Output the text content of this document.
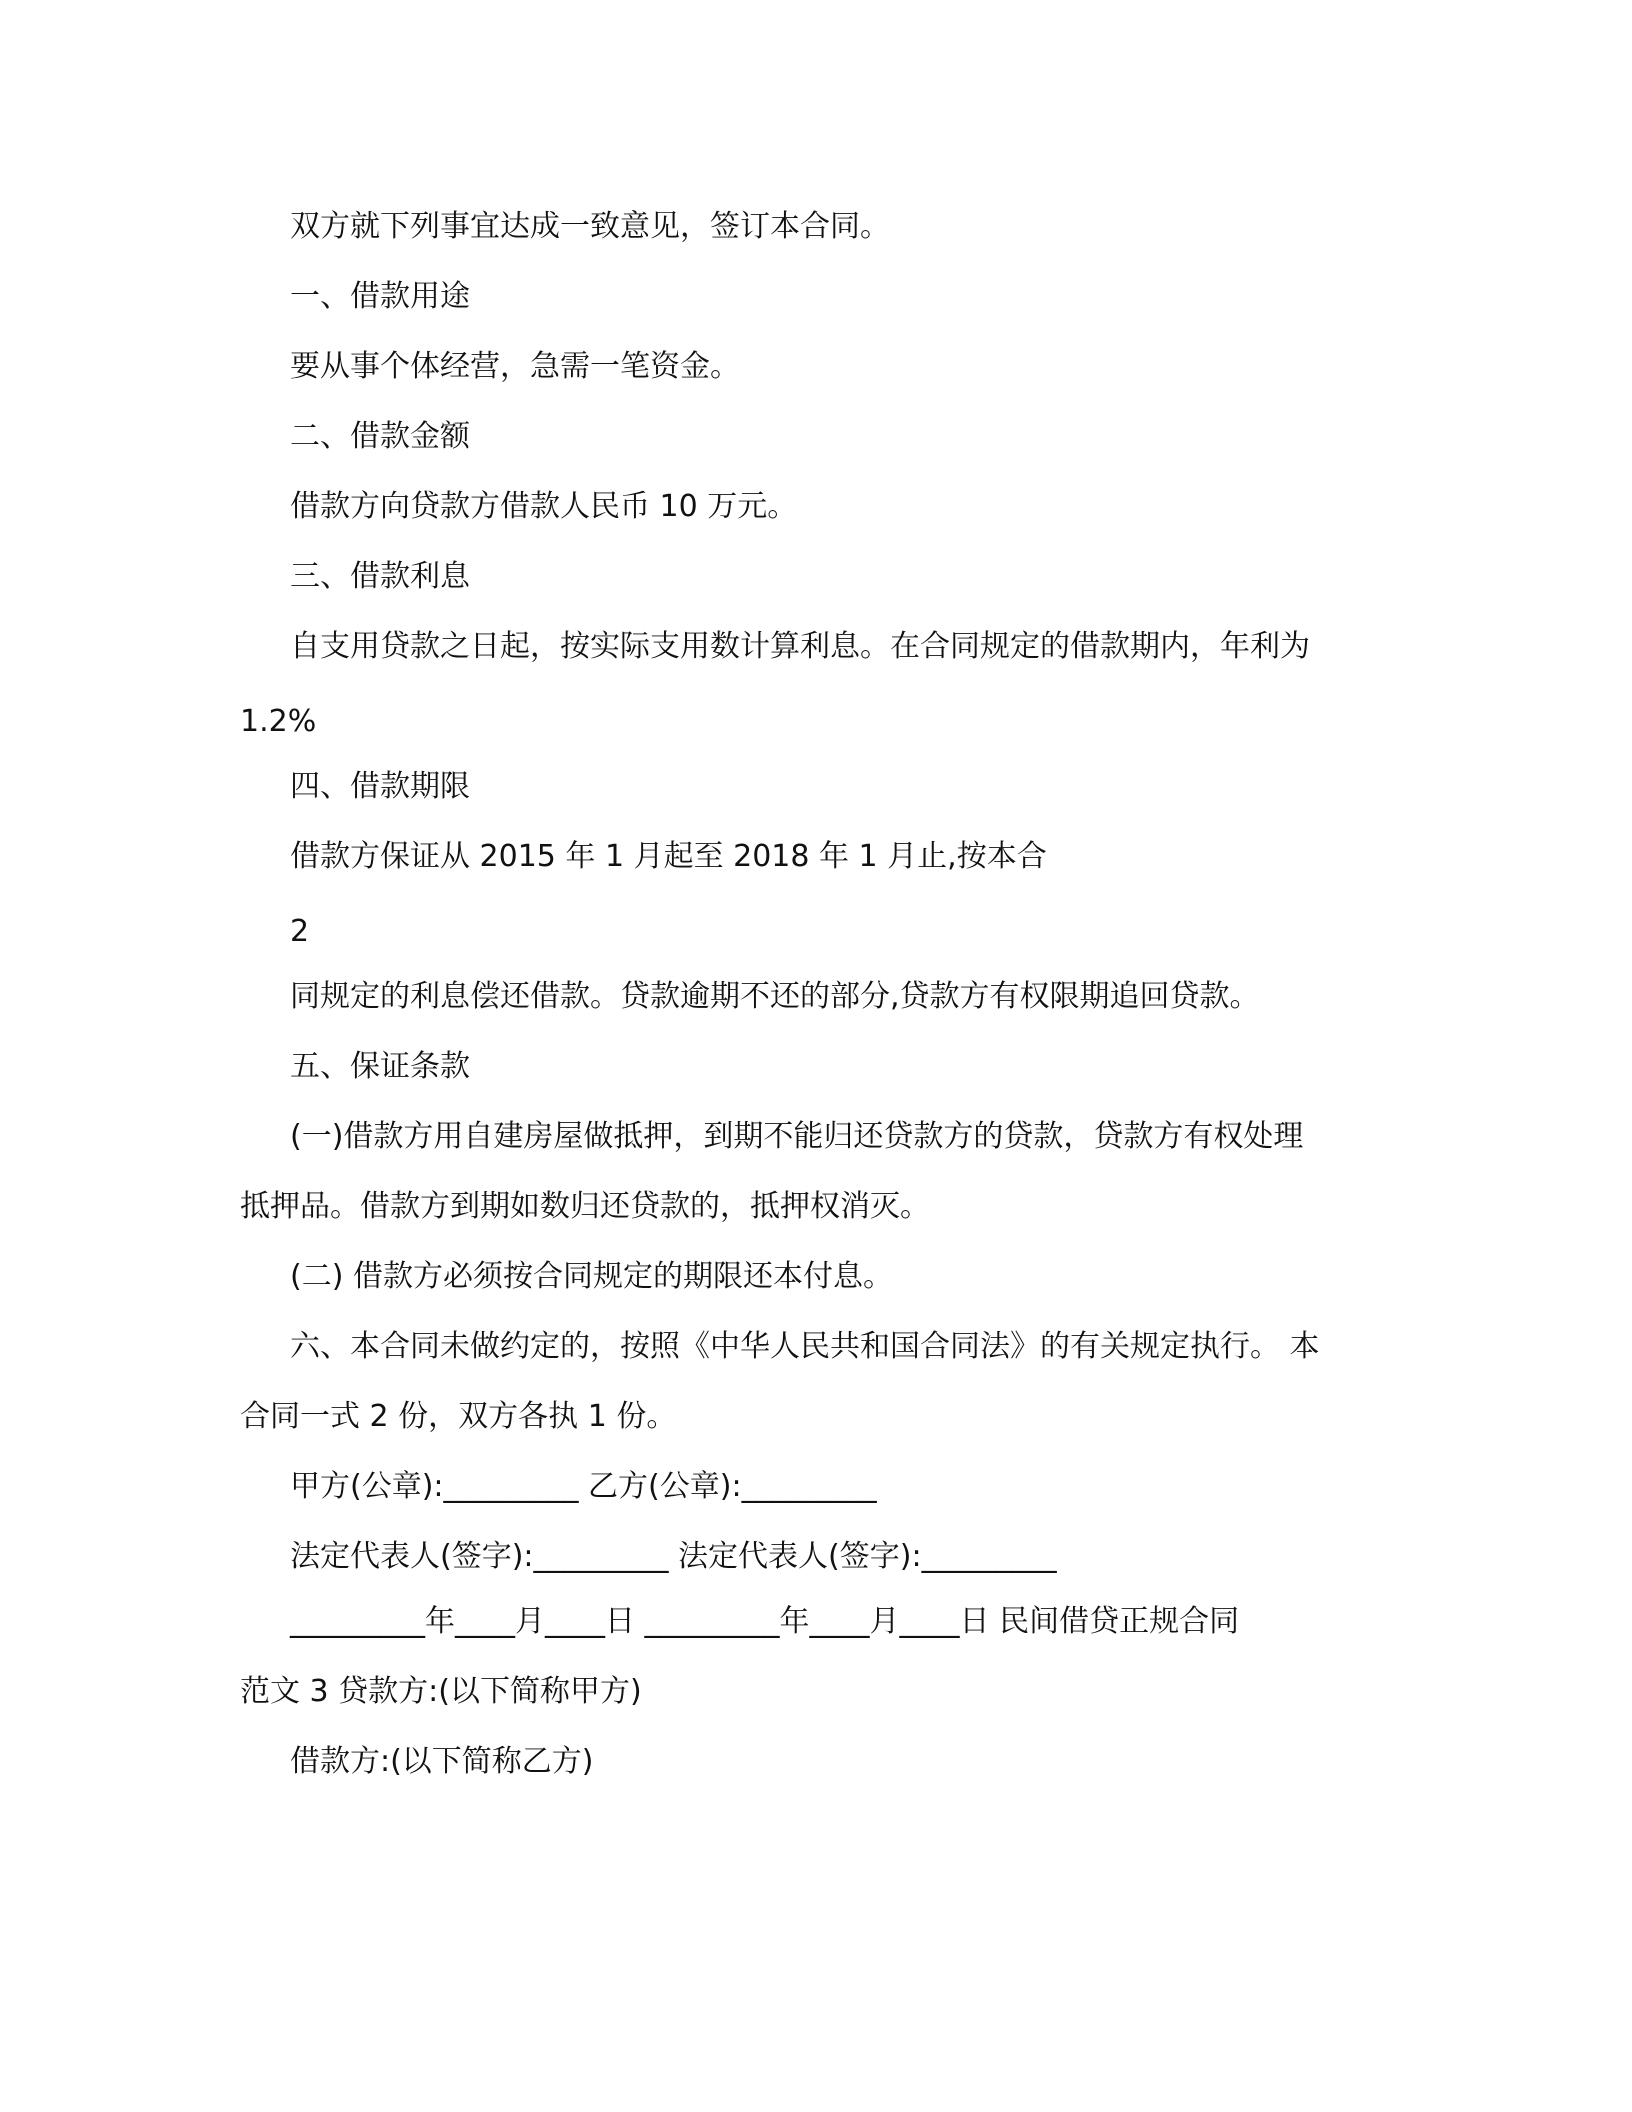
双方就下列事宜达成一致意见，签订本合同。
一、借款用途
要从事个体经营，急需一笔资金。
二、借款金额
借款方向贷款方借款人民币 10 万元。
三、借款利息
自支用贷款之日起，按实际支用数计算利息。在合同规定的借款期内，年利为
1.2%
四、借款期限
借款方保证从 2015 年 1 月起至 2018 年 1 月止,按本合
2
同规定的利息偿还借款。贷款逾期不还的部分,贷款方有权限期追回贷款。
五、保证条款
(一)借款方用自建房屋做抵押，到期不能归还贷款方的贷款，贷款方有权处理
抵押品。借款方到期如数归还贷款的，抵押权消灭。
(二) 借款方必须按合同规定的期限还本付息。
六、本合同未做约定的，按照《中华人民共和国合同法》的有关规定执行。 本
合同一式 2 份，双方各执 1 份。
甲方(公章):_________ 乙方(公章):_________
法定代表人(签字):_________ 法定代表人(签字):_________
_________年____月____日 _________年____月____日 民间借贷正规合同
范文 3 贷款方:(以下简称甲方)
借款方:(以下简称乙方)
